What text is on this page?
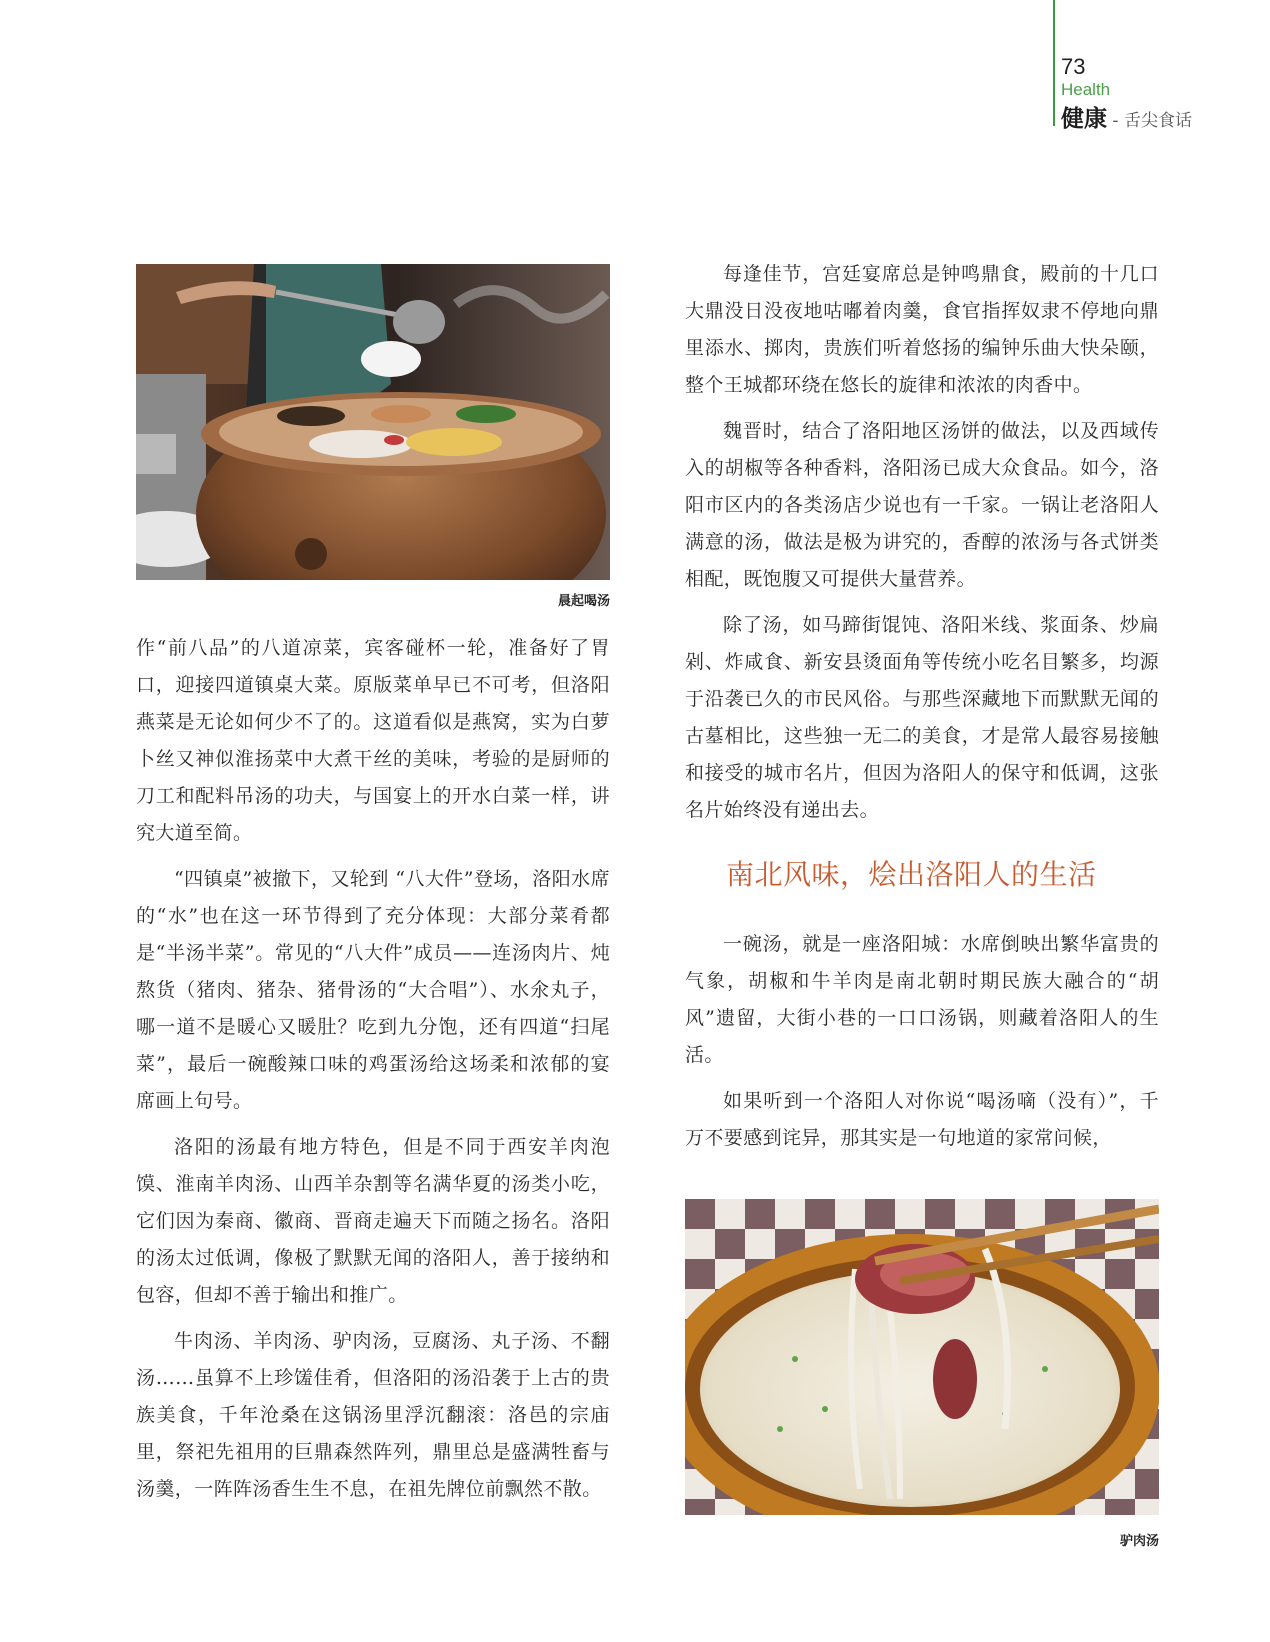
73
Health
健康 - 舌尖食话
晨起喝汤

作“前八品”的八道凉菜，宾客碰杯一轮，准备好了胃口，迎接四道镇桌大菜。原版菜单早已不可考，但洛阳燕菜是无论如何少不了的。这道看似是燕窝，实为白萝卜丝又神似淮扬菜中大煮干丝的美味，考验的是厨师的刀工和配料吊汤的功夫，与国宴上的开水白菜一样，讲究大道至简。

“四镇桌”被撤下，又轮到 “八大件”登场，洛阳水席的“水”也在这一环节得到了充分体现：大部分菜肴都是“半汤半菜”。常见的“八大件”成员——连汤肉片、炖熬货（猪肉、猪杂、猪骨汤的“大合唱”）、水氽丸子，哪一道不是暖心又暖肚？吃到九分饱，还有四道“扫尾菜”，最后一碗酸辣口味的鸡蛋汤给这场柔和浓郁的宴席画上句号。

洛阳的汤最有地方特色，但是不同于西安羊肉泡馍、淮南羊肉汤、山西羊杂割等名满华夏的汤类小吃，它们因为秦商、徽商、晋商走遍天下而随之扬名。洛阳的汤太过低调，像极了默默无闻的洛阳人，善于接纳和包容，但却不善于输出和推广。

牛肉汤、羊肉汤、驴肉汤，豆腐汤、丸子汤、不翻汤……虽算不上珍馐佳肴，但洛阳的汤沿袭于上古的贵族美食，千年沧桑在这锅汤里浮沉翻滚：洛邑的宗庙里，祭祀先祖用的巨鼎森然阵列，鼎里总是盛满牲畜与汤羹，一阵阵汤香生生不息，在祖先牌位前飘然不散。

每逢佳节，宫廷宴席总是钟鸣鼎食，殿前的十几口大鼎没日没夜地咕嘟着肉羹，食官指挥奴隶不停地向鼎里添水、掷肉，贵族们听着悠扬的编钟乐曲大快朵颐，整个王城都环绕在悠长的旋律和浓浓的肉香中。

魏晋时，结合了洛阳地区汤饼的做法，以及西域传入的胡椒等各种香料，洛阳汤已成大众食品。如今，洛阳市区内的各类汤店少说也有一千家。一锅让老洛阳人满意的汤，做法是极为讲究的，香醇的浓汤与各式饼类相配，既饱腹又可提供大量营养。

除了汤，如马蹄街馄饨、洛阳米线、浆面条、炒扁剁、炸咸食、新安县烫面角等传统小吃名目繁多，均源于沿袭已久的市民风俗。与那些深藏地下而默默无闻的古墓相比，这些独一无二的美食，才是常人最容易接触和接受的城市名片，但因为洛阳人的保守和低调，这张名片始终没有递出去。

南北风味，烩出洛阳人的生活

一碗汤，就是一座洛阳城：水席倒映出繁华富贵的气象，胡椒和牛羊肉是南北朝时期民族大融合的“胡风”遗留，大街小巷的一口口汤锅，则藏着洛阳人的生活。

如果听到一个洛阳人对你说“喝汤嘀（没有）”，千万不要感到诧异，那其实是一句地道的家常问候，

驴肉汤
